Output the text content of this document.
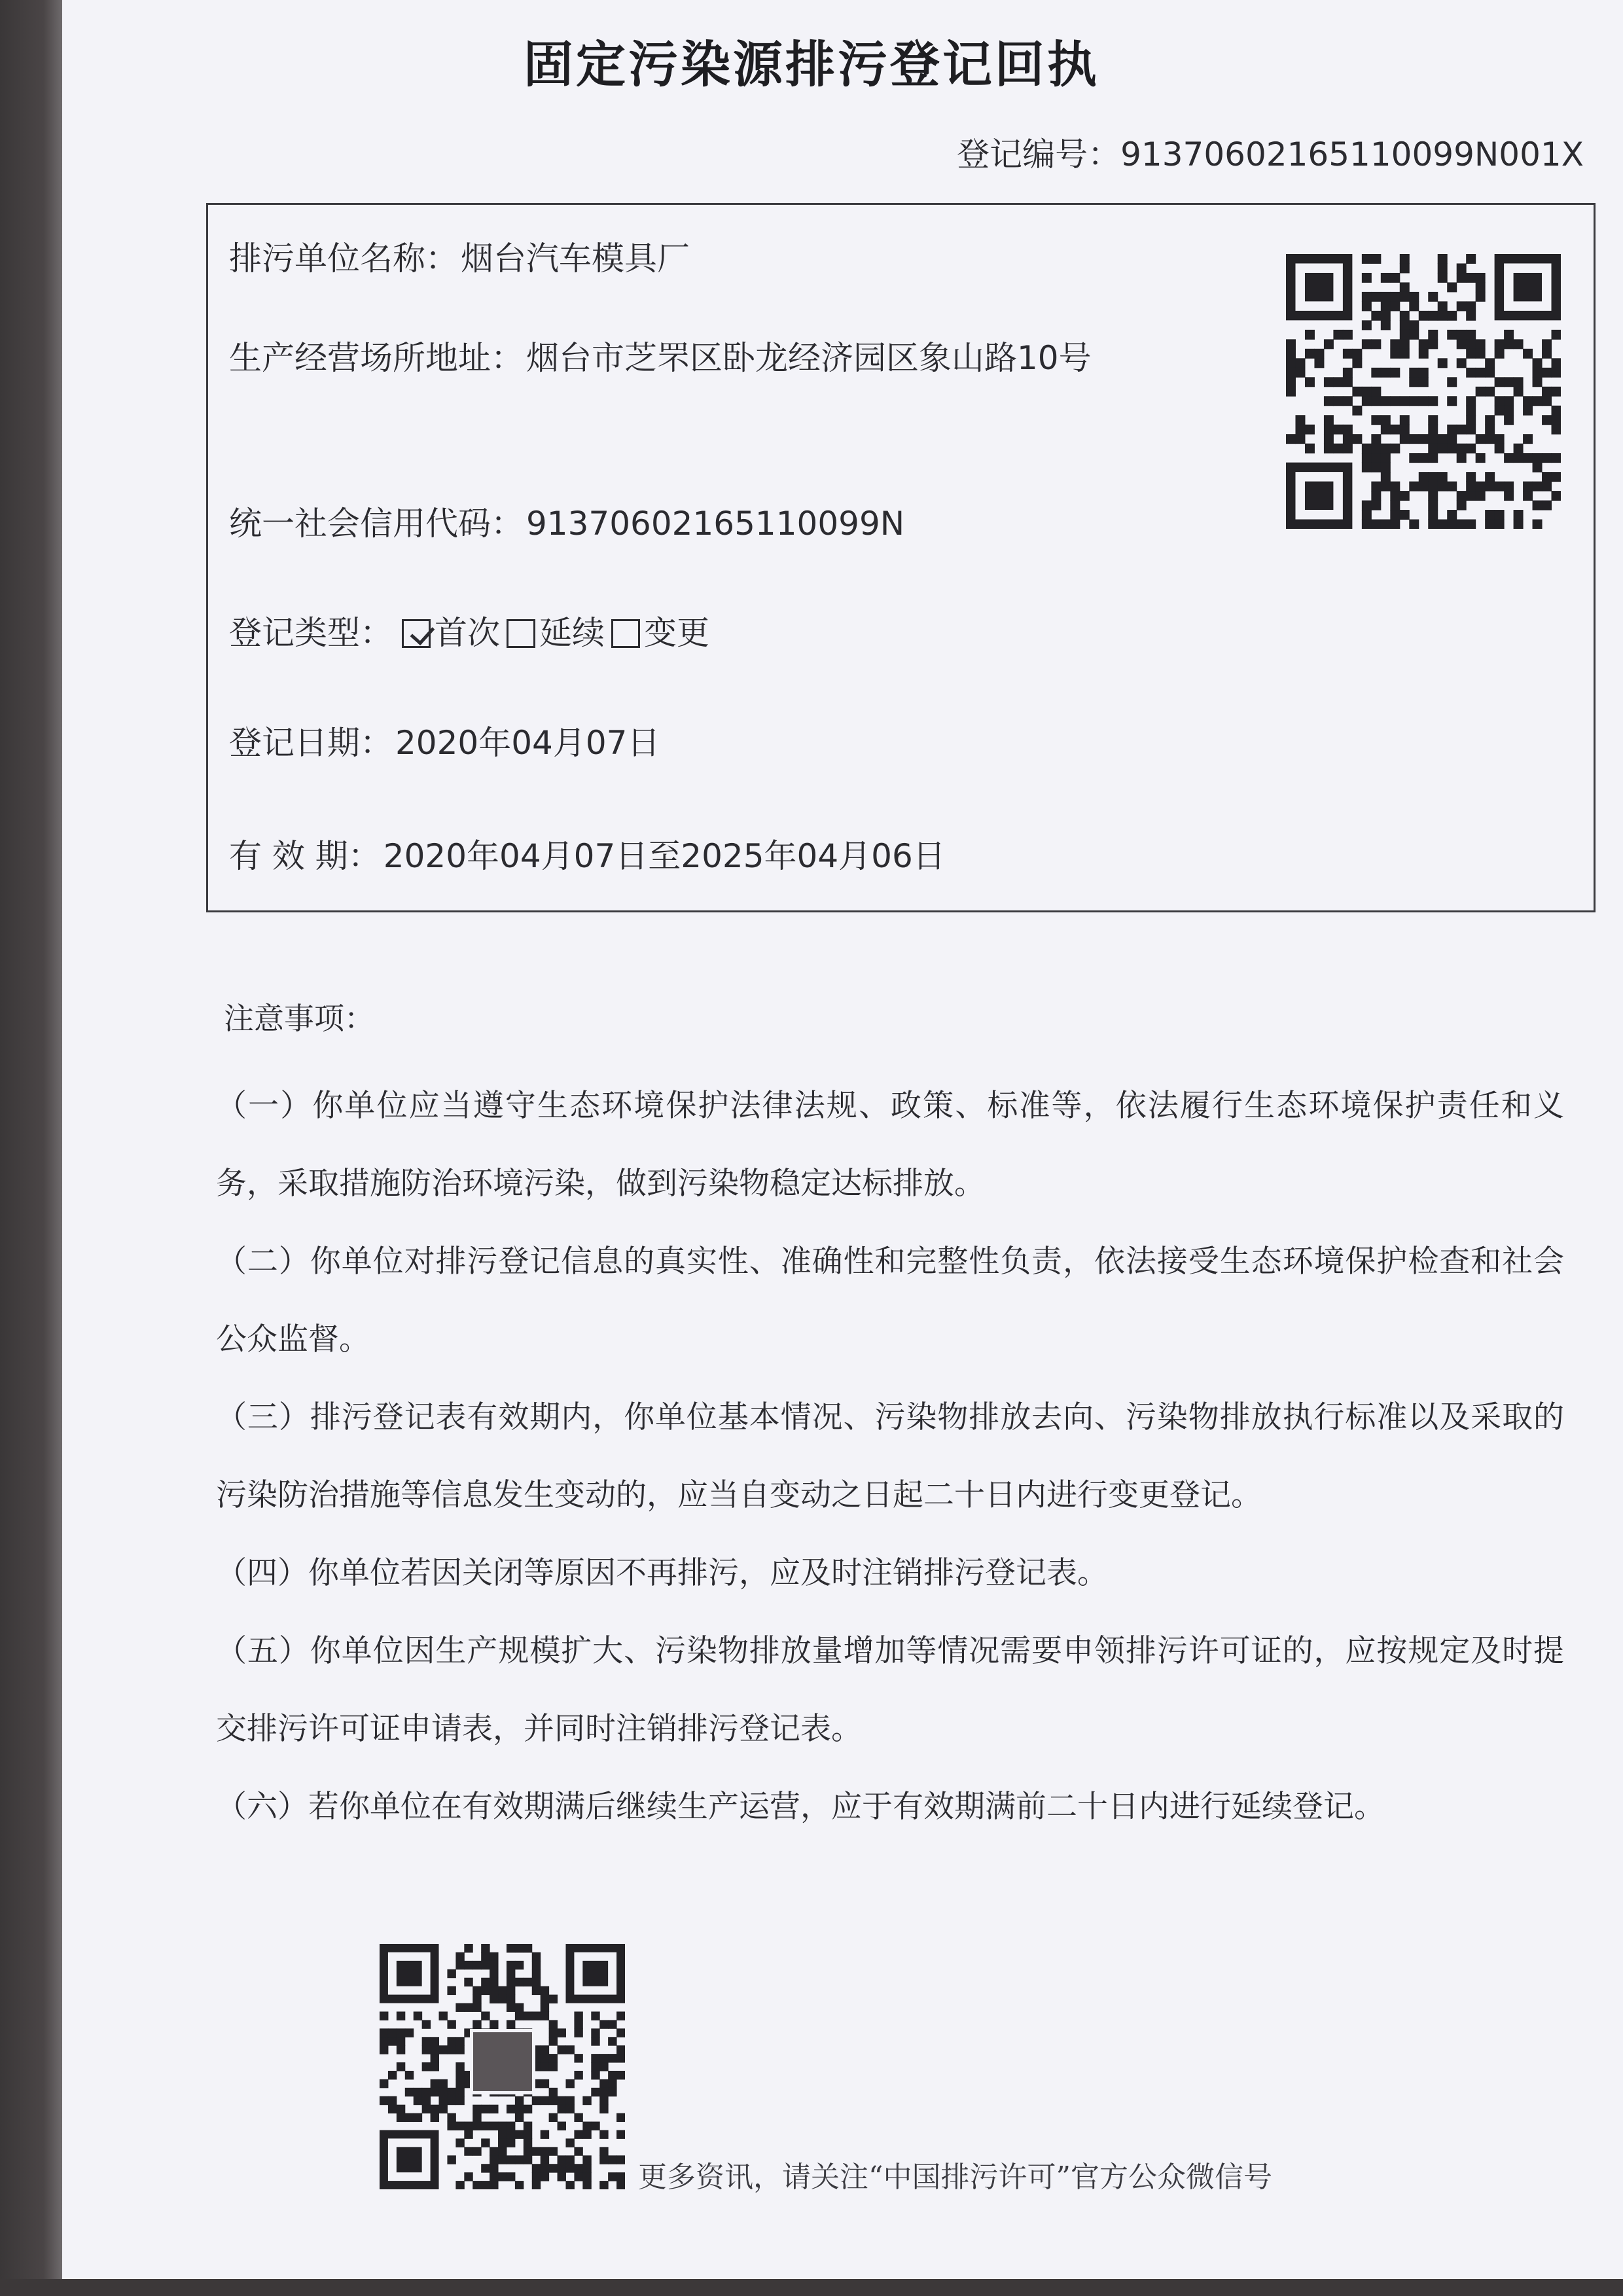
固定污染源排污登记回执
登记编号：91370602165110099N001X
排污单位名称：烟台汽车模具厂
生产经营场所地址：烟台市芝罘区卧龙经济园区象山路10号
统一社会信用代码：91370602165110099N
登记类型： 首次 延续 变更
登记日期：2020年04月07日
有 效 期：2020年04月07日至2025年04月06日
注意事项：

（一）你单位应当遵守生态环境保护法律法规、政策、标准等，依法履行生态环境保护责任和义务，采取措施防治环境污染，做到污染物稳定达标排放。

（二）你单位对排污登记信息的真实性、准确性和完整性负责，依法接受生态环境保护检查和社会公众监督。

（三）排污登记表有效期内，你单位基本情况、污染物排放去向、污染物排放执行标准以及采取的污染防治措施等信息发生变动的，应当自变动之日起二十日内进行变更登记。

（四）你单位若因关闭等原因不再排污，应及时注销排污登记表。

（五）你单位因生产规模扩大、污染物排放量增加等情况需要申领排污许可证的，应按规定及时提交排污许可证申请表，并同时注销排污登记表。

（六）若你单位在有效期满后继续生产运营，应于有效期满前二十日内进行延续登记。

更多资讯，请关注“中国排污许可”官方公众微信号
